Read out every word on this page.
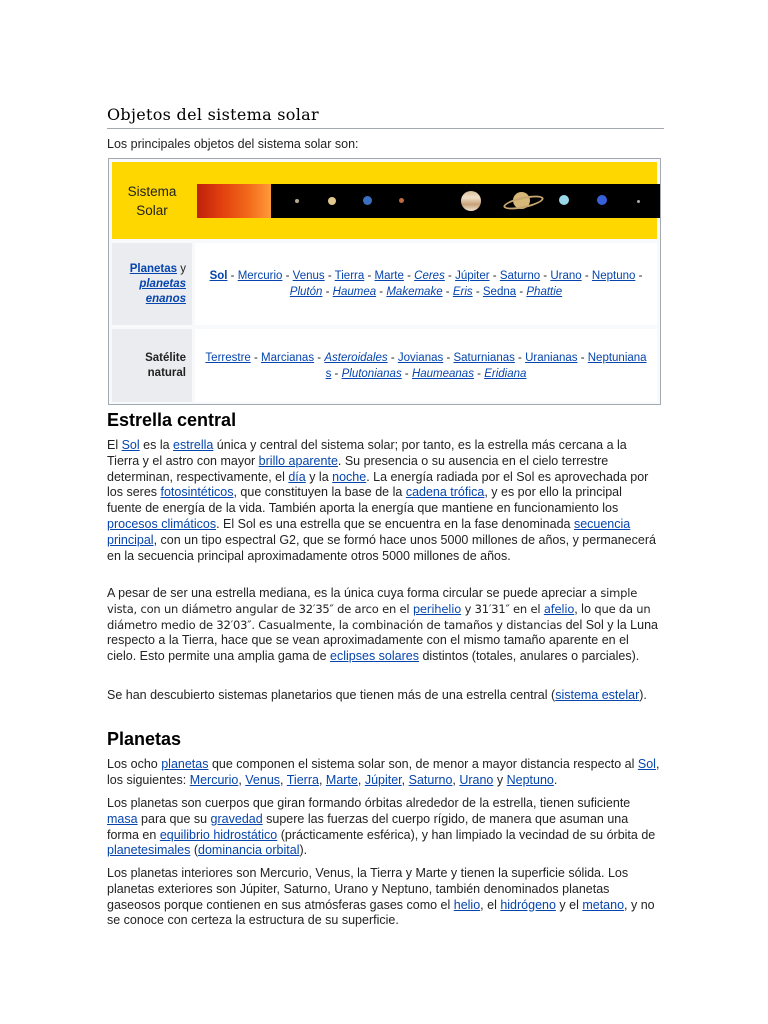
Objetos del sistema solar
Los principales objetos del sistema solar son:
Sistema
Solar
Planetas y
planetas
enanos
Sol - Mercurio - Venus - Tierra - Marte - Ceres - Júpiter - Saturno - Urano - Neptuno -
Plutón - Haumea - Makemake - Eris - Sedna - Phattie
Satélite
natural
Terrestre - Marcianas - Asteroidales - Jovianas - Saturnianas - Uranianas - Neptuniana
s - Plutonianas - Haumeanas - Eridiana
Estrella central

El Sol es la estrella única y central del sistema solar; por tanto, es la estrella más cercana a la Tierra y el astro con mayor brillo aparente. Su presencia o su ausencia en el cielo terrestre determinan, respectivamente, el día y la noche. La energía radiada por el Sol es aprovechada por los seres fotosintéticos, que constituyen la base de la cadena trófica, y es por ello la principal fuente de energía de la vida. También aporta la energía que mantiene en funcionamiento los procesos climáticos. El Sol es una estrella que se encuentra en la fase denominada secuencia principal, con un tipo espectral G2, que se formó hace unos 5000 millones de años, y permanecerá en la secuencia principal aproximadamente otros 5000 millones de años.

A pesar de ser una estrella mediana, es la única cuya forma circular se puede apreciar a simple vista, con un diámetro angular de 32′35″ de arco en el perihelio y 31′31″ en el afelio, lo que da un diámetro medio de 32′03″. Casualmente, la combinación de tamaños y distancias del Sol y la Luna respecto a la Tierra, hace que se vean aproximadamente con el mismo tamaño aparente en el cielo. Esto permite una amplia gama de eclipses solares distintos (totales, anulares o parciales).

Se han descubierto sistemas planetarios que tienen más de una estrella central (sistema estelar).

Planetas

Los ocho planetas que componen el sistema solar son, de menor a mayor distancia respecto al Sol, los siguientes: Mercurio, Venus, Tierra, Marte, Júpiter, Saturno, Urano y Neptuno.

Los planetas son cuerpos que giran formando órbitas alrededor de la estrella, tienen suficiente masa para que su gravedad supere las fuerzas del cuerpo rígido, de manera que asuman una forma en equilibrio hidrostático (prácticamente esférica), y han limpiado la vecindad de su órbita de planetesimales (dominancia orbital).

Los planetas interiores son Mercurio, Venus, la Tierra y Marte y tienen la superficie sólida. Los planetas exteriores son Júpiter, Saturno, Urano y Neptuno, también denominados planetas gaseosos porque contienen en sus atmósferas gases como el helio, el hidrógeno y el metano, y no se conoce con certeza la estructura de su superficie.
